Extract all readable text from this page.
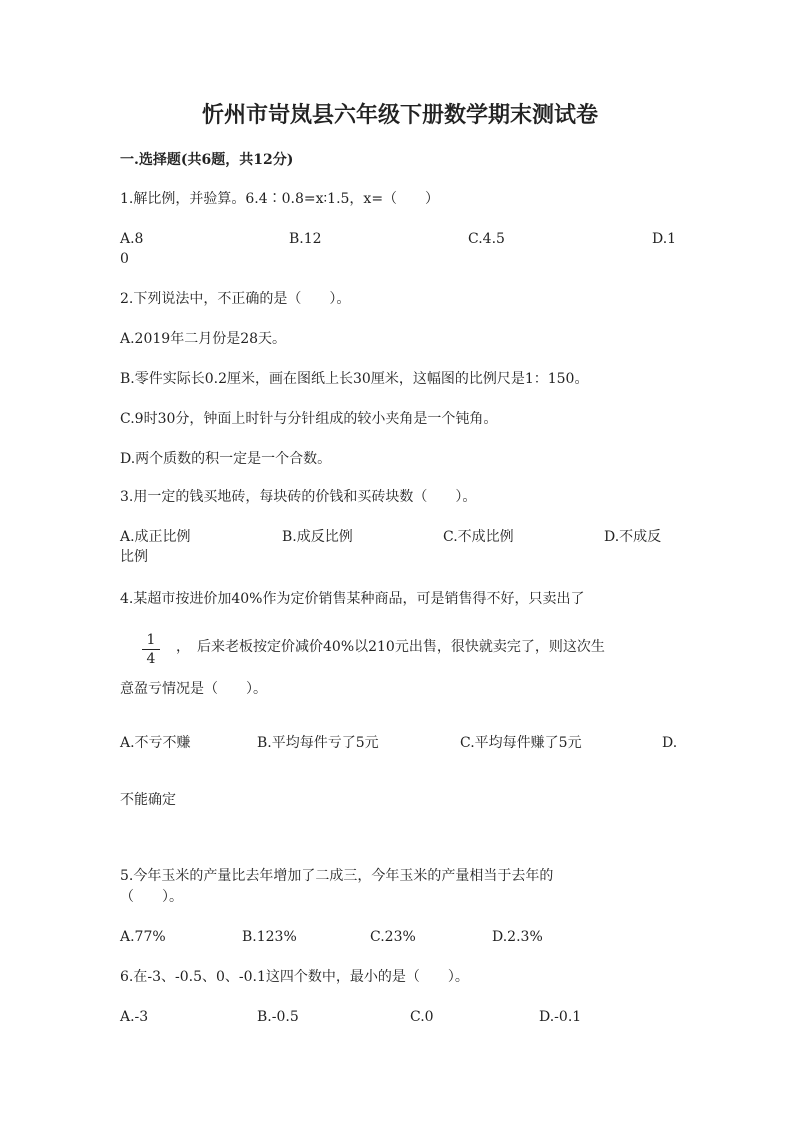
忻州市岢岚县六年级下册数学期末测试卷
一.选择题(共6题，共12分)
1.解比例，并验算。6.4∶0.8=x∶1.5，x=（　　）
A.8	B.12	C.4.5	D.1
0
2.下列说法中，不正确的是（　　）。
A.2019年二月份是28天。
B.零件实际长0.2厘米，画在图纸上长30厘米，这幅图的比例尺是1：150。
C.9时30分，钟面上时针与分针组成的较小夹角是一个钝角。
D.两个质数的积一定是一个合数。
3.用一定的钱买地砖，每块砖的价钱和买砖块数（　　）。
A.成正比例	B.成反比例	C.不成比例	D.不成反
比例
4.某超市按进价加40%作为定价销售某种商品，可是销售得不好，只卖出了
1
4
，　后来老板按定价减价40%以210元出售，很快就卖完了，则这次生
意盈亏情况是（　　）。
A.不亏不赚	B.平均每件亏了5元	C.平均每件赚了5元	D.
不能确定
5.今年玉米的产量比去年增加了二成三，今年玉米的产量相当于去年的
（　　）。
A.77%	B.123%	C.23%	D.2.3%
6.在-3、-0.5、0、-0.1这四个数中，最小的是（　　）。
A.-3	B.-0.5	C.0	D.-0.1
